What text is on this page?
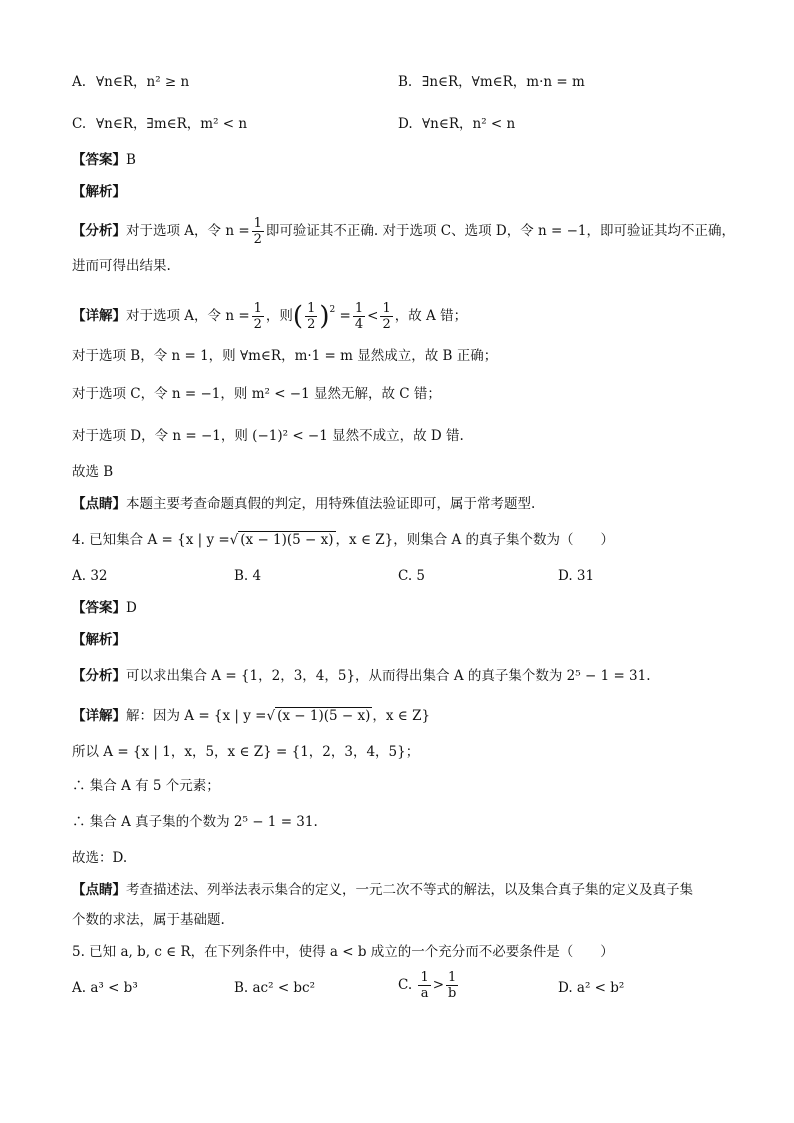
A. ∀n∈R，n² ≥ n	B. ∃n∈R，∀m∈R，m·n = m
C. ∀n∈R，∃m∈R，m² < n	D. ∀n∈R，n² < n
【答案】B
【解析】
【分析】对于选项 A，令 $n = \frac{1}{2}$ 即可验证其不正确. 对于选项 C、选项 D，令 n = −1，即可验证其均不正确，
进而可得出结果.
【详解】对于选项 A，令 $n = \frac{1}{2}$ ，则( $\frac{1}{2} )^2 = \frac{1}{4} < \frac{1}{2}$ ，故 A 错；
对于选项 B，令 n = 1，则 ∀m∈R，m·1 = m 显然成立，故 B 正确；
对于选项 C，令 n = −1，则 m² < −1 显然无解，故 C 错；
对于选项 D，令 n = −1，则 (−1)² < −1 显然不成立，故 D 错.
故选 B
【点睛】本题主要考查命题真假的判定，用特殊值法验证即可，属于常考题型.
4. 已知集合 A = {x | y =√ (x − 1)(5 − x) ，x ∈ Z}，则集合 A 的真子集个数为（　　）
A. 32	B. 4	C. 5	D. 31
【答案】D
【解析】
【分析】可以求出集合 A = {1，2，3，4，5}，从而得出集合 A 的真子集个数为 2⁵ − 1 = 31.
【详解】解：因为 A = {x | y =√ (x − 1)(5 − x) ，x ∈ Z}
所以 A = {x | 1，x，5，x ∈ Z} = {1，2，3，4，5}；
∴ 集合 A 有 5 个元素；
∴ 集合 A 真子集的个数为 2⁵ − 1 = 31.
故选：D.
【点睛】考查描述法、列举法表示集合的定义，一元二次不等式的解法，以及集合真子集的定义及真子集
个数的求法，属于基础题.
5. 已知 a, b, c ∈ R，在下列条件中，使得 a < b 成立的一个充分而不必要条件是（　　）
A. a³ < b³	B. ac² < bc²	C. $\frac{1}{a} > \frac{1}{b}$	D. a² < b²
